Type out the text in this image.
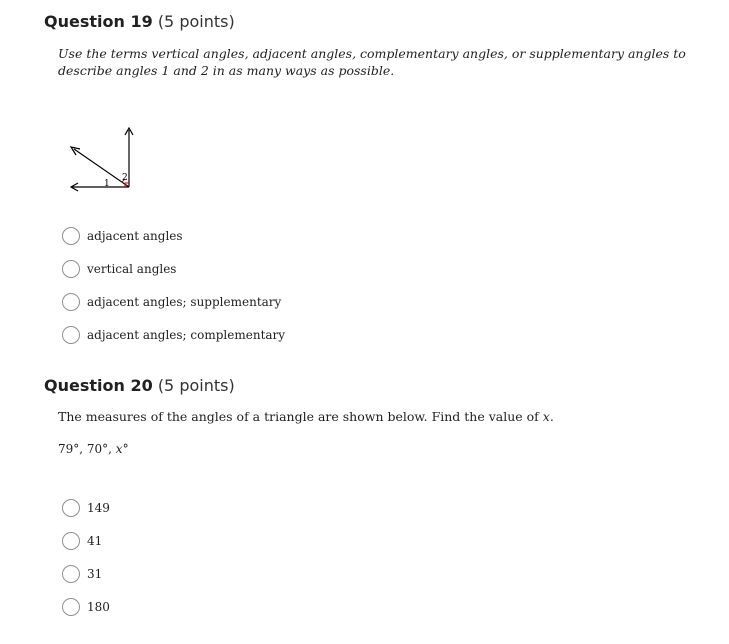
Question 19 (5 points)
Use the terms vertical angles, adjacent angles, complementary angles, or supplementary angles to describe angles 1 and 2 in as many ways as possible.
1
2
adjacent angles
vertical angles
adjacent angles; supplementary
adjacent angles; complementary
Question 20 (5 points)
The measures of the angles of a triangle are shown below. Find the value of x.
79°, 70°, x°
149
41
31
180
